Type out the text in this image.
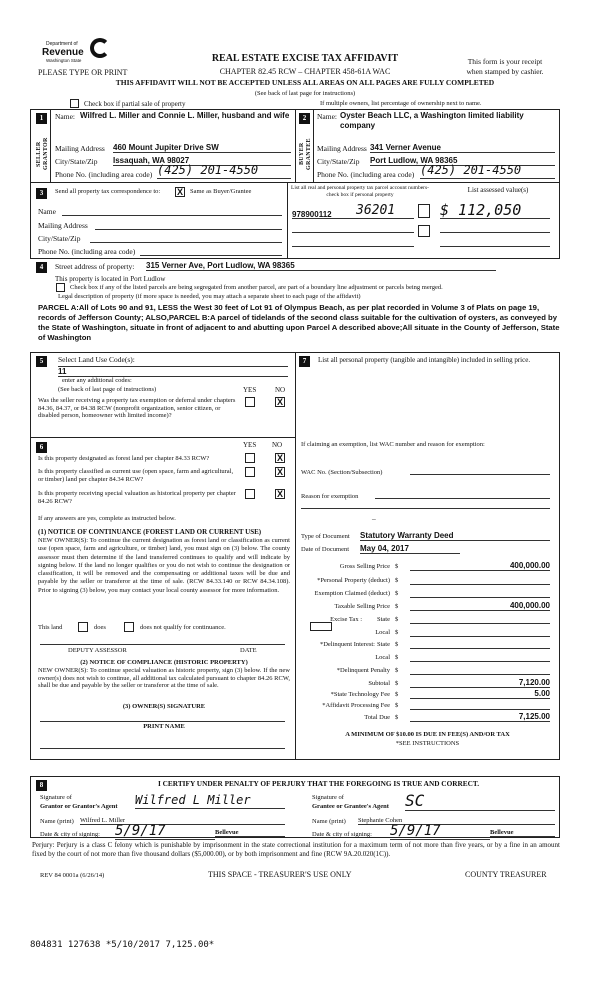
Department of
Revenue
Washington State	REAL ESTATE EXCISE TAX AFFIDAVIT
CHAPTER 82.45 RCW – CHAPTER 458-61A WAC
PLEASE TYPE OR PRINT
This form is your receipt
when stamped by cashier.
THIS AFFIDAVIT WILL NOT BE ACCEPTED UNLESS ALL AREAS ON ALL PAGES ARE FULLY COMPLETED
(See back of last page for instructions)
Check box if partial sale of property	If multiple owners, list percentage of ownership next to name.
1
SELLER GRANTOR
Name: Wilfred L. Miller and Connie L. Miller, husband and wife
Mailing Address 460 Mount Jupiter Drive SW
City/State/Zip Issaquah, WA 98027
Phone No. (including area code) (425) 201-4550
2
BUYER GRANTEE
Name: Oyster Beach LLC, a Washington limited liability company
Mailing Address 341 Verner Avenue
City/State/Zip Port Ludlow, WA 98365
Phone No. (including area code) (425) 201-4550
3	Send all property tax correspondence to: X	Same as Buyer/Grantee
Name
Mailing Address
City/State/Zip
Phone No. (including area code)
List all real and personal property tax parcel account numbers-check box if personal property
List assessed value(s)
978900112 36201	$ 112,050
4	Street address of property: 315 Verner Ave, Port Ludlow, WA 98365
This property is located in Port Ludlow
Check box if any of the listed parcels are being segregated from another parcel, are part of a boundary line adjustment or parcels being merged.
Legal description of property (if more space is needed, you may attach a separate sheet to each page of the affidavit)
PARCEL A:All of Lots 90 and 91, LESS the West 30 feet of Lot 91 of Olympus Beach, as per plat recorded in Volume 3 of Plats on page 19, records of Jefferson County; ALSO,PARCEL B:A parcel of tidelands of the second class suitable for the cultivation of oysters, as conveyed by the State of Washington, situate in front of adjacent to and abutting upon Parcel A described above;All situate in the County of Jefferson, State of Washington
5	Select Land Use Code(s):
11
enter any additional codes:
(See back of last page of instructions)	YES	NO
Was the seller receiving a property tax exemption or deferral under chapters 84.36, 84.37, or 84.38 RCW (nonprofit organization, senior citizen, or disabled person, homeowner with limited income)?
X
6	YES NO
Is this property designated as forest land per chapter 84.33 RCW?	X
Is this property classified as current use (open space, farm and agricultural, or timber) land per chapter 84.34 RCW?
X
Is this property receiving special valuation as historical property per chapter 84.26 RCW?
X
If any answers are yes, complete as instructed below.
(1) NOTICE OF CONTINUANCE (FOREST LAND OR CURRENT USE)
NEW OWNER(S): To continue the current designation as forest land or classification as current use (open space, farm and agriculture, or timber) land, you must sign on (3) below. The county assessor must then determine if the land transferred continues to qualify and will indicate by signing below. If the land no longer qualifies or you do not wish to continue the designation or classification, it will be removed and the compensating or additional taxes will be due and payable by the seller or transferor at the time of sale. (RCW 84.33.140 or RCW 84.34.108). Prior to signing (3) below, you may contact your local county assessor for more information.
This land	does	does not qualify for continuance.
DEPUTY ASSESSOR	DATE
(2) NOTICE OF COMPLIANCE (HISTORIC PROPERTY)
NEW OWNER(S): To continue special valuation as historic property, sign (3) below. If the new owner(s) does not wish to continue, all additional tax calculated pursuant to chapter 84.26 RCW, shall be due and payable by the seller or transferor at the time of sale.
(3) OWNER(S) SIGNATURE
PRINT NAME
7	List all personal property (tangible and intangible) included in selling price.
If claiming an exemption, list WAC number and reason for exemption:
WAC No. (Section/Subsection)
Reason for exemption
–
Type of Document Statutory Warranty Deed
Date of Document May 04, 2017
Gross Selling Price $	400,000.00
*Personal Property (deduct) $
Exemption Claimed (deduct) $
Taxable Selling Price $	400,000.00
Excise Tax :	State $
Local $
*Delinquent Interest: State $
Local $
*Delinquent Penalty $
Subtotal $	7,120.00
*State Technology Fee $	5.00
*Affidavit Processing Fee $
Total Due $	7,125.00
A MINIMUM OF $10.00 IS DUE IN FEE(S) AND/OR TAX
*SEE INSTRUCTIONS
8	I CERTIFY UNDER PENALTY OF PERJURY THAT THE FOREGOING IS TRUE AND CORRECT.
Signature of
Grantor or Grantor's Agent Wilfred L Miller
Name (print) Wilfred L. Miller
Date & city of signing: 5/9/17	Bellevue
Signature of
Grantee or Grantee's Agent SC
Name (print) Stephanie Cohen
Date & city of signing: 5/9/17	Bellevue
Perjury: Perjury is a class C felony which is punishable by imprisonment in the state correctional institution for a maximum term of not more than five years, or by a fine in an amount fixed by the court of not more than five thousand dollars ($5,000.00), or by both imprisonment and fine (RCW 9A.20.020(1C)).
REV 84 0001a (6/26/14)	THIS SPACE - TREASURER'S USE ONLY	COUNTY TREASURER
804831 127638 *5/10/2017 7,125.00*
